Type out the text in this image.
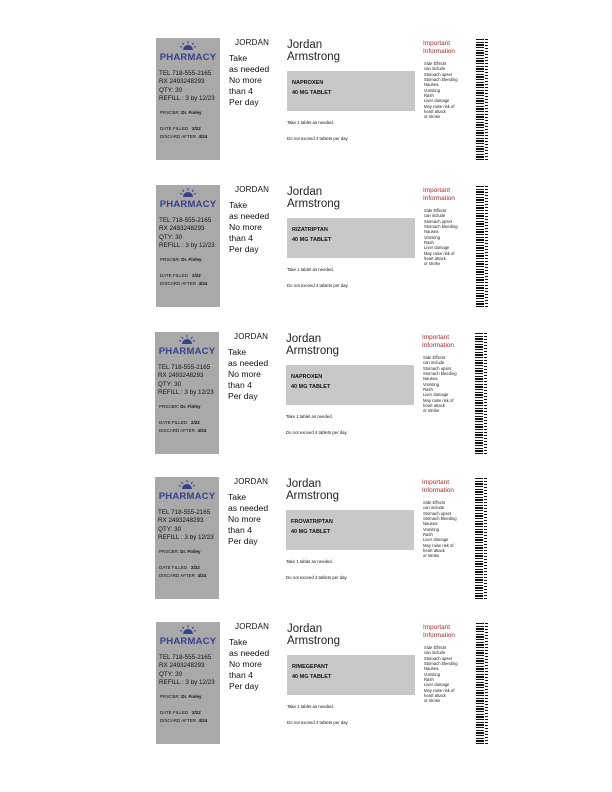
PHARMACY
TEL 718-555-2165
RX 2493248293
QTY: 30
REFILL : 3 by 12/23
PRSCBR: Dr. Finley
DATE FILLED 2/22
DISCARD AFTER 4/24
JORDAN
Take
as needed
No more
than 4
Per day
Jordan
Armstrong
NAPROXEN
40 MG TABLET
Take 1 tablet as needed.
Do not exceed 4 tablets per day.
Important
Information
Side Effects
can include
Stomach upset
Stomach bleeding
Nausea
Vomiting
Rash
Liver damage
May raise risk of
heart attack
or stroke
PHARMACY
TEL 718-555-2165
RX 2493248293
QTY: 30
REFILL : 3 by 12/23
PRSCBR: Dr. Finley
DATE FILLED 2/22
DISCARD AFTER 4/24
JORDAN
Take
as needed
No more
than 4
Per day
Jordan
Armstrong
RIZATRIPTAN
40 MG TABLET
Take 1 tablet as needed.
Do not exceed 4 tablets per day.
Important
Information
Side Effects
can include
Stomach upset
Stomach bleeding
Nausea
Vomiting
Rash
Liver damage
May raise risk of
heart attack
or stroke
PHARMACY
TEL 718-555-2165
RX 2493248293
QTY: 30
REFILL : 3 by 12/23
PRSCBR: Dr. Finley
DATE FILLED 2/22
DISCARD AFTER 4/24
JORDAN
Take
as needed
No more
than 4
Per day
Jordan
Armstrong
NAPROXEN
40 MG TABLET
Take 1 tablet as needed.
Do not exceed 4 tablets per day.
Important
Information
Side Effects
can include
Stomach upset
Stomach bleeding
Nausea
Vomiting
Rash
Liver damage
May raise risk of
heart attack
or stroke
PHARMACY
TEL 718-555-2165
RX 2493248293
QTY: 30
REFILL : 3 by 12/23
PRSCBR: Dr. Finley
DATE FILLED 2/22
DISCARD AFTER 4/24
JORDAN
Take
as needed
No more
than 4
Per day
Jordan
Armstrong
FROVATRIPTAN
40 MG TABLET
Take 1 tablet as needed.
Do not exceed 4 tablets per day.
Important
Information
Side Effects
can include
Stomach upset
Stomach bleeding
Nausea
Vomiting
Rash
Liver damage
May raise risk of
heart attack
or stroke
PHARMACY
TEL 718-555-2165
RX 2493248293
QTY: 30
REFILL : 3 by 12/23
PRSCBR: Dr. Finley
DATE FILLED 2/22
DISCARD AFTER 4/24
JORDAN
Take
as needed
No more
than 4
Per day
Jordan
Armstrong
RIMEGEPANT
40 MG TABLET
Take 1 tablet as needed.
Do not exceed 4 tablets per day.
Important
Information
Side Effects
can include
Stomach upset
Stomach bleeding
Nausea
Vomiting
Rash
Liver damage
May raise risk of
heart attack
or stroke
